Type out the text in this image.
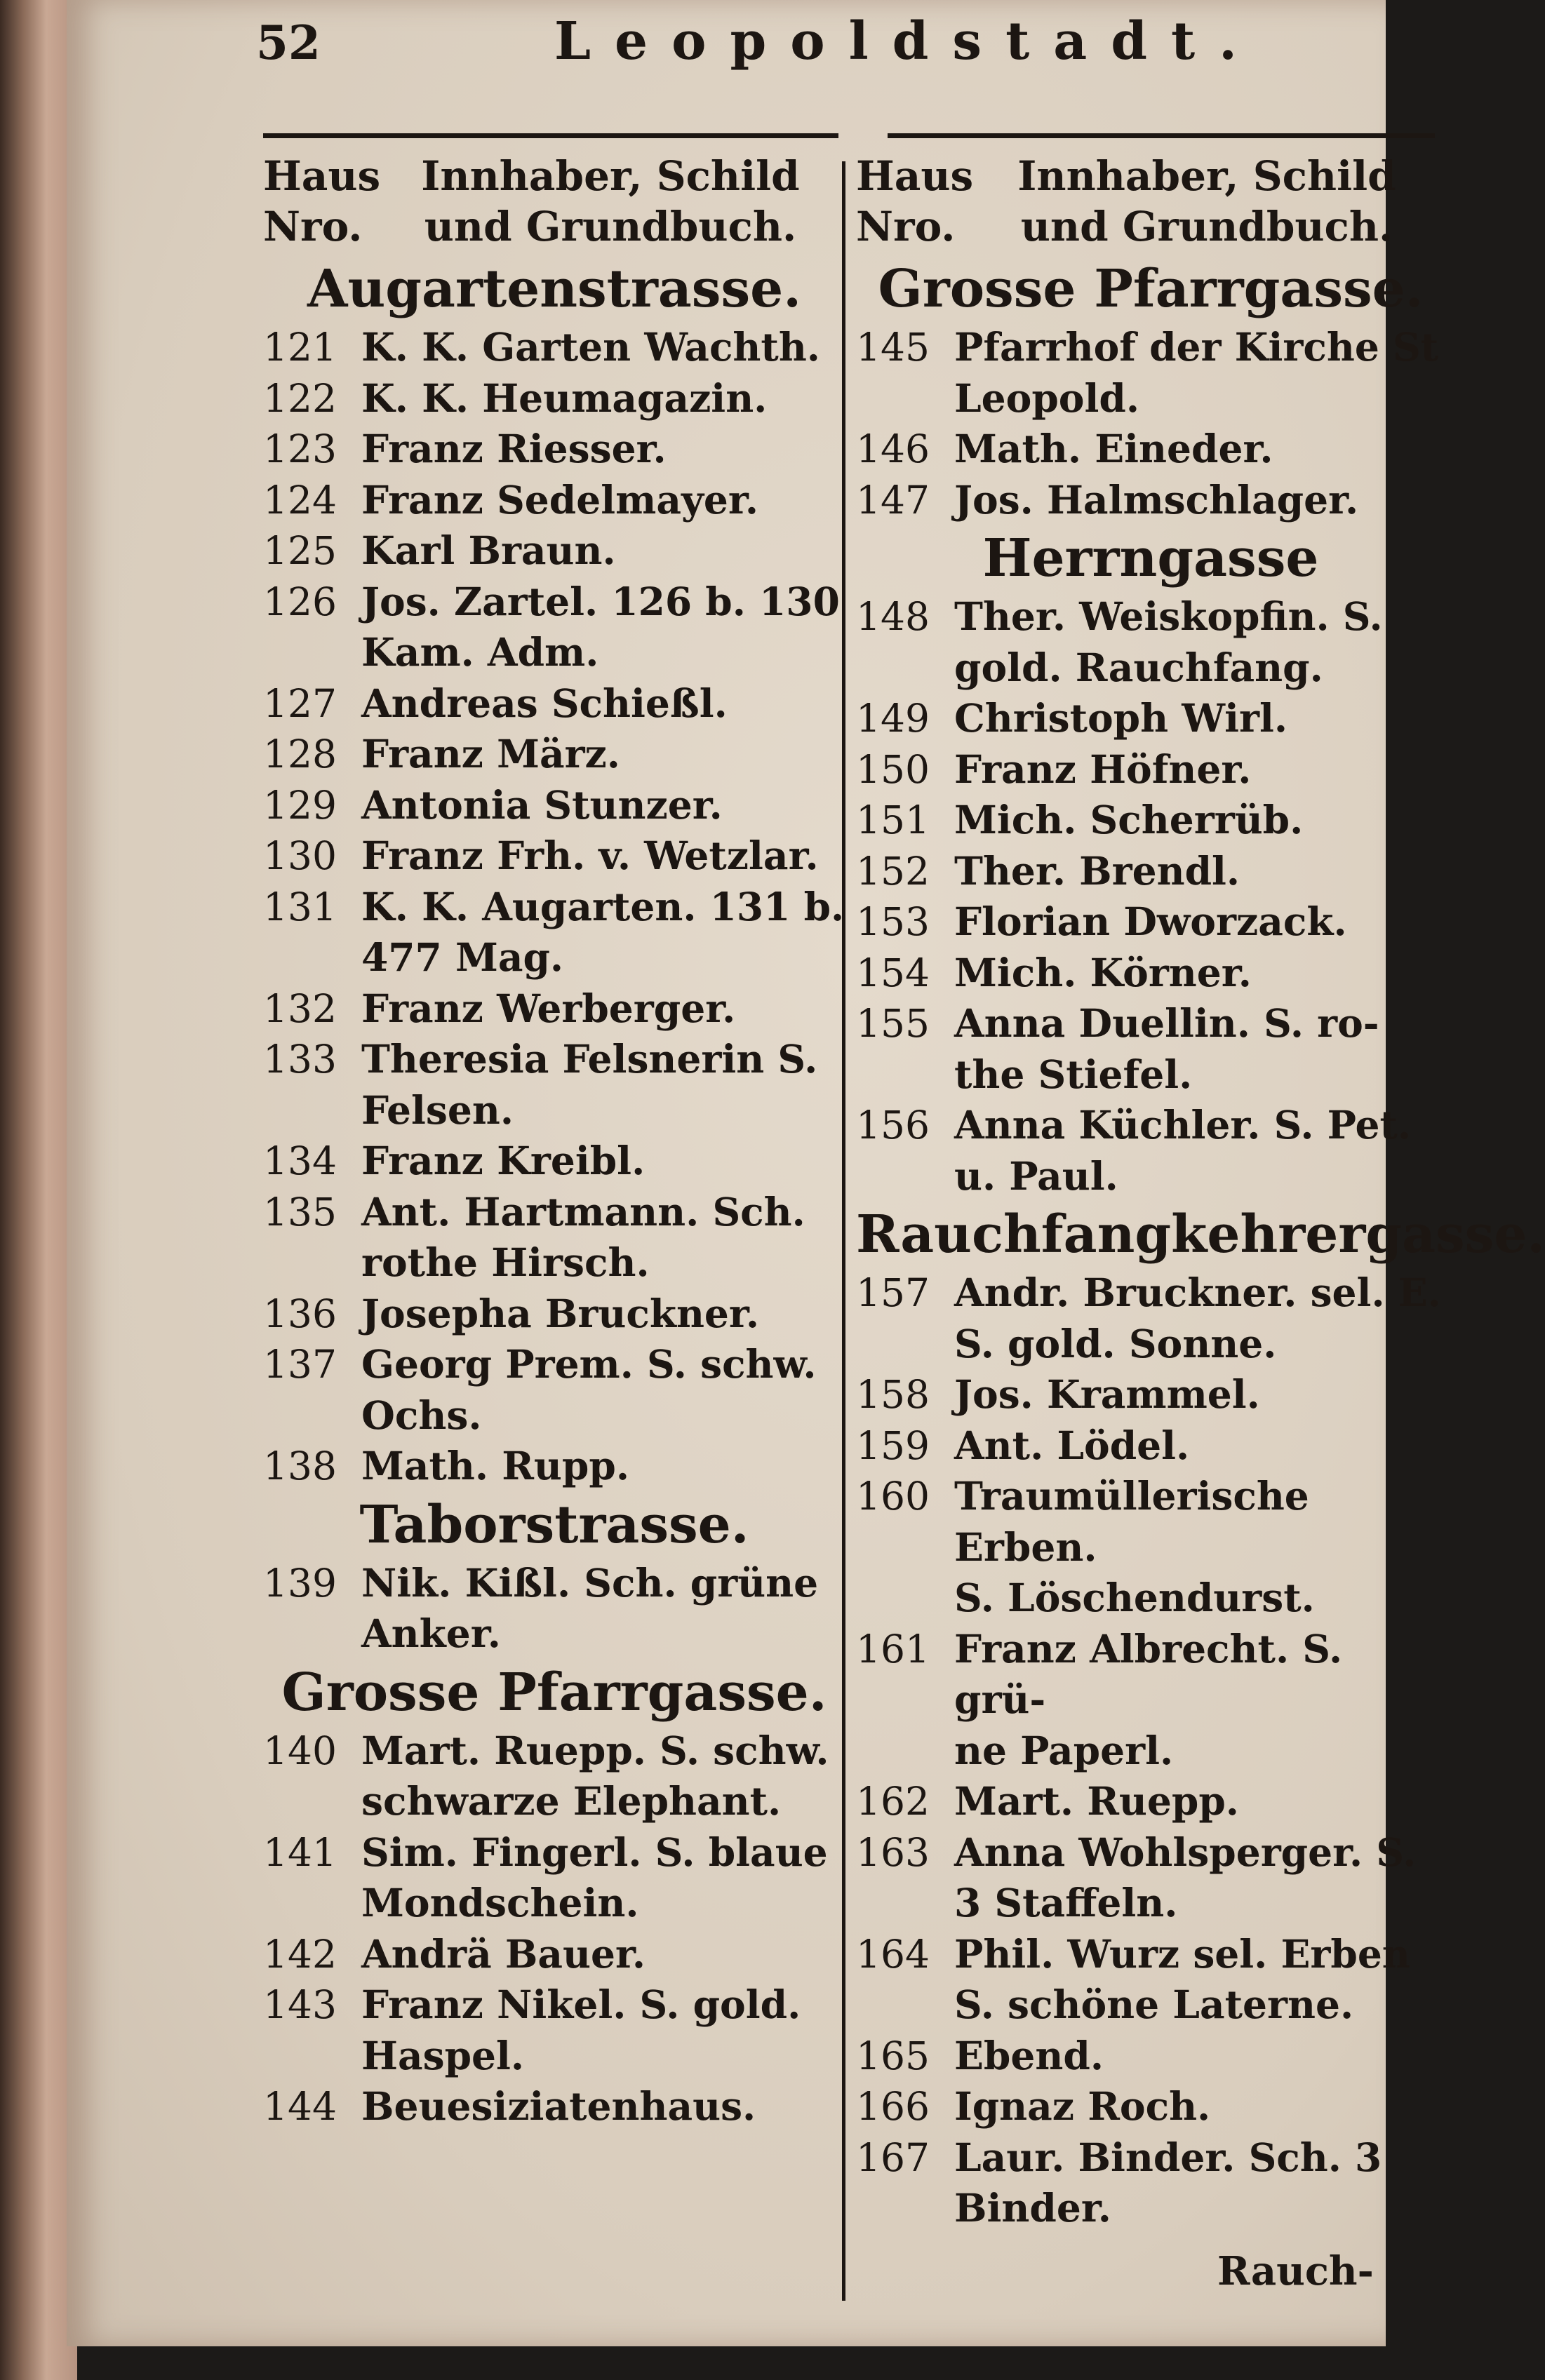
52	Leopoldstadt.
Haus
Nro.
Innhaber, Schild
und Grundbuch.
Augartenstrasse.
121 K. K. Garten Wachth.
122 K. K. Heumagazin.
123 Franz Riesser.
124 Franz Sedelmayer.
125 Karl Braun.
126 Jos. Zartel. 126 b. 130
Kam. Adm.
127 Andreas Schießl.
128 Franz März.
129 Antonia Stunzer.
130 Franz Frh. v. Wetzlar.
131 K. K. Augarten. 131 b.
477 Mag.
132 Franz Werberger.
133 Theresia Felsnerin S.
Felsen.
134 Franz Kreibl.
135 Ant. Hartmann. Sch.
rothe Hirsch.
136 Josepha Bruckner.
137 Georg Prem. S. schw.
Ochs.
138 Math. Rupp.
Taborstrasse.
139 Nik. Kißl. Sch. grüne
Anker.
Grosse Pfarrgasse.
140 Mart. Ruepp. S. schw.
schwarze Elephant.
141 Sim. Fingerl. S. blaue
Mondschein.
142 Andrä Bauer.
143 Franz Nikel. S. gold.
Haspel.
144 Beuesiziatenhaus.
Haus
Nro.
Innhaber, Schild
und Grundbuch.
Grosse Pfarrgasse.
145 Pfarrhof der Kirche St
Leopold.
146 Math. Eineder.
147 Jos. Halmschlager.
Herrngasse
148 Ther. Weiskopfin. S.
gold. Rauchfang.
149 Christoph Wirl.
150 Franz Höfner.
151 Mich. Scherrüb.
152 Ther. Brendl.
153 Florian Dworzack.
154 Mich. Körner.
155 Anna Duellin. S. ro-
the Stiefel.
156 Anna Küchler. S. Pet.
u. Paul.
Rauchfangkehrergasse.
157 Andr. Bruckner. sel. E.
S. gold. Sonne.
158 Jos. Krammel.
159 Ant. Lödel.
160 Traumüllerische Erben.
S. Löschendurst.
161 Franz Albrecht. S. grü-
ne Paperl.
162 Mart. Ruepp.
163 Anna Wohlsperger. S.
3 Staffeln.
164 Phil. Wurz sel. Erben
S. schöne Laterne.
165 Ebend.
166 Ignaz Roch.
167 Laur. Binder. Sch. 3
Binder.
Rauch-
